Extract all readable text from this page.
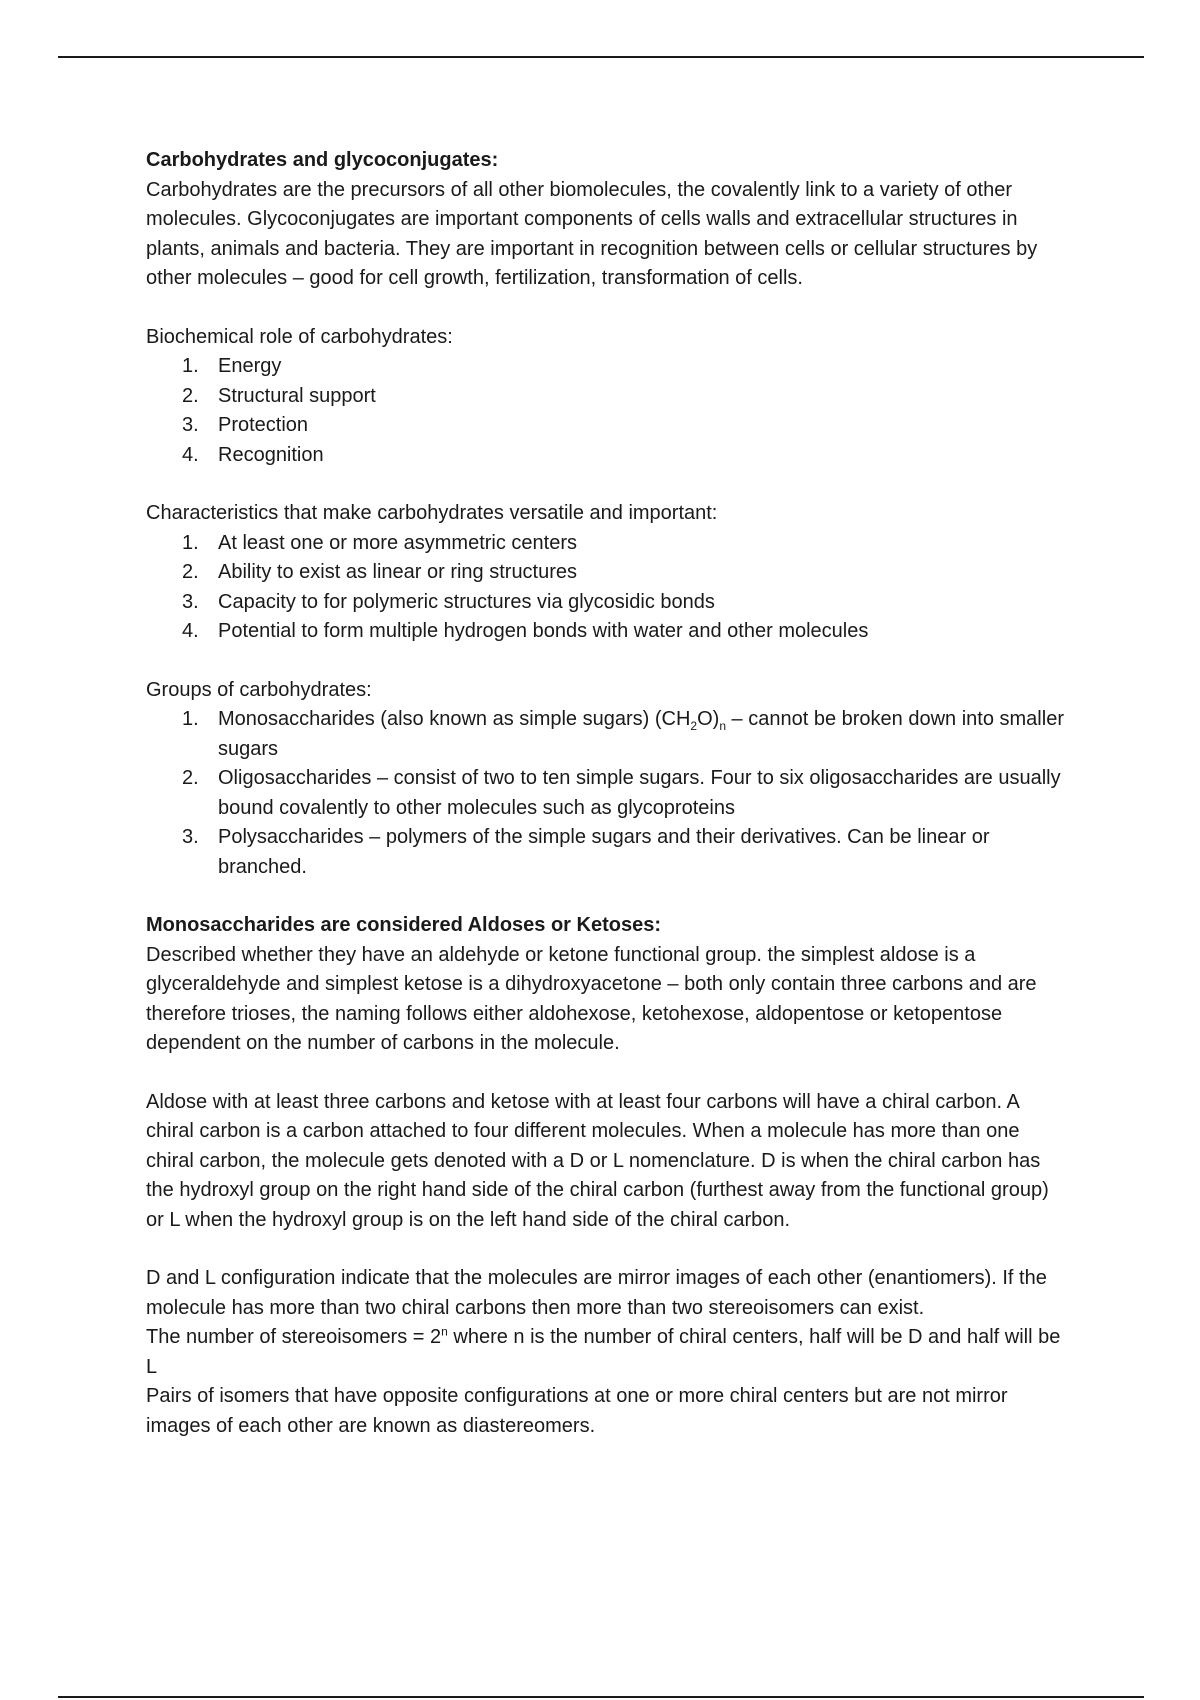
Carbohydrates and glycoconjugates:

Carbohydrates are the precursors of all other biomolecules, the covalently link to a variety of other molecules. Glycoconjugates are important components of cells walls and extracellular structures in plants, animals and bacteria. They are important in recognition between cells or cellular structures by other molecules – good for cell growth, fertilization, transformation of cells.

Biochemical role of carbohydrates:

1. Energy
2. Structural support
3. Protection
4. Recognition

Characteristics that make carbohydrates versatile and important:

1. At least one or more asymmetric centers
2. Ability to exist as linear or ring structures
3. Capacity to for polymeric structures via glycosidic bonds
4. Potential to form multiple hydrogen bonds with water and other molecules

Groups of carbohydrates:

1. Monosaccharides (also known as simple sugars) $(CH_2O)_n$ – cannot be broken down into smaller sugars
2. Oligosaccharides – consist of two to ten simple sugars. Four to six oligosaccharides are usually bound covalently to other molecules such as glycoproteins
3. Polysaccharides – polymers of the simple sugars and their derivatives. Can be linear or branched.

Monosaccharides are considered Aldoses or Ketoses:

Described whether they have an aldehyde or ketone functional group. the simplest aldose is a glyceraldehyde and simplest ketose is a dihydroxyacetone – both only contain three carbons and are therefore trioses, the naming follows either aldohexose, ketohexose, aldopentose or ketopentose dependent on the number of carbons in the molecule.

Aldose with at least three carbons and ketose with at least four carbons will have a chiral carbon. A chiral carbon is a carbon attached to four different molecules. When a molecule has more than one chiral carbon, the molecule gets denoted with a D or L nomenclature. D is when the chiral carbon has the hydroxyl group on the right hand side of the chiral carbon (furthest away from the functional group) or L when the hydroxyl group is on the left hand side of the chiral carbon.

D and L configuration indicate that the molecules are mirror images of each other (enantiomers). If the molecule has more than two chiral carbons then more than two stereoisomers can exist.

The number of stereoisomers = $2^n$ where n is the number of chiral centers, half will be D and half will be L

Pairs of isomers that have opposite configurations at one or more chiral centers but are not mirror images of each other are known as diastereomers.
